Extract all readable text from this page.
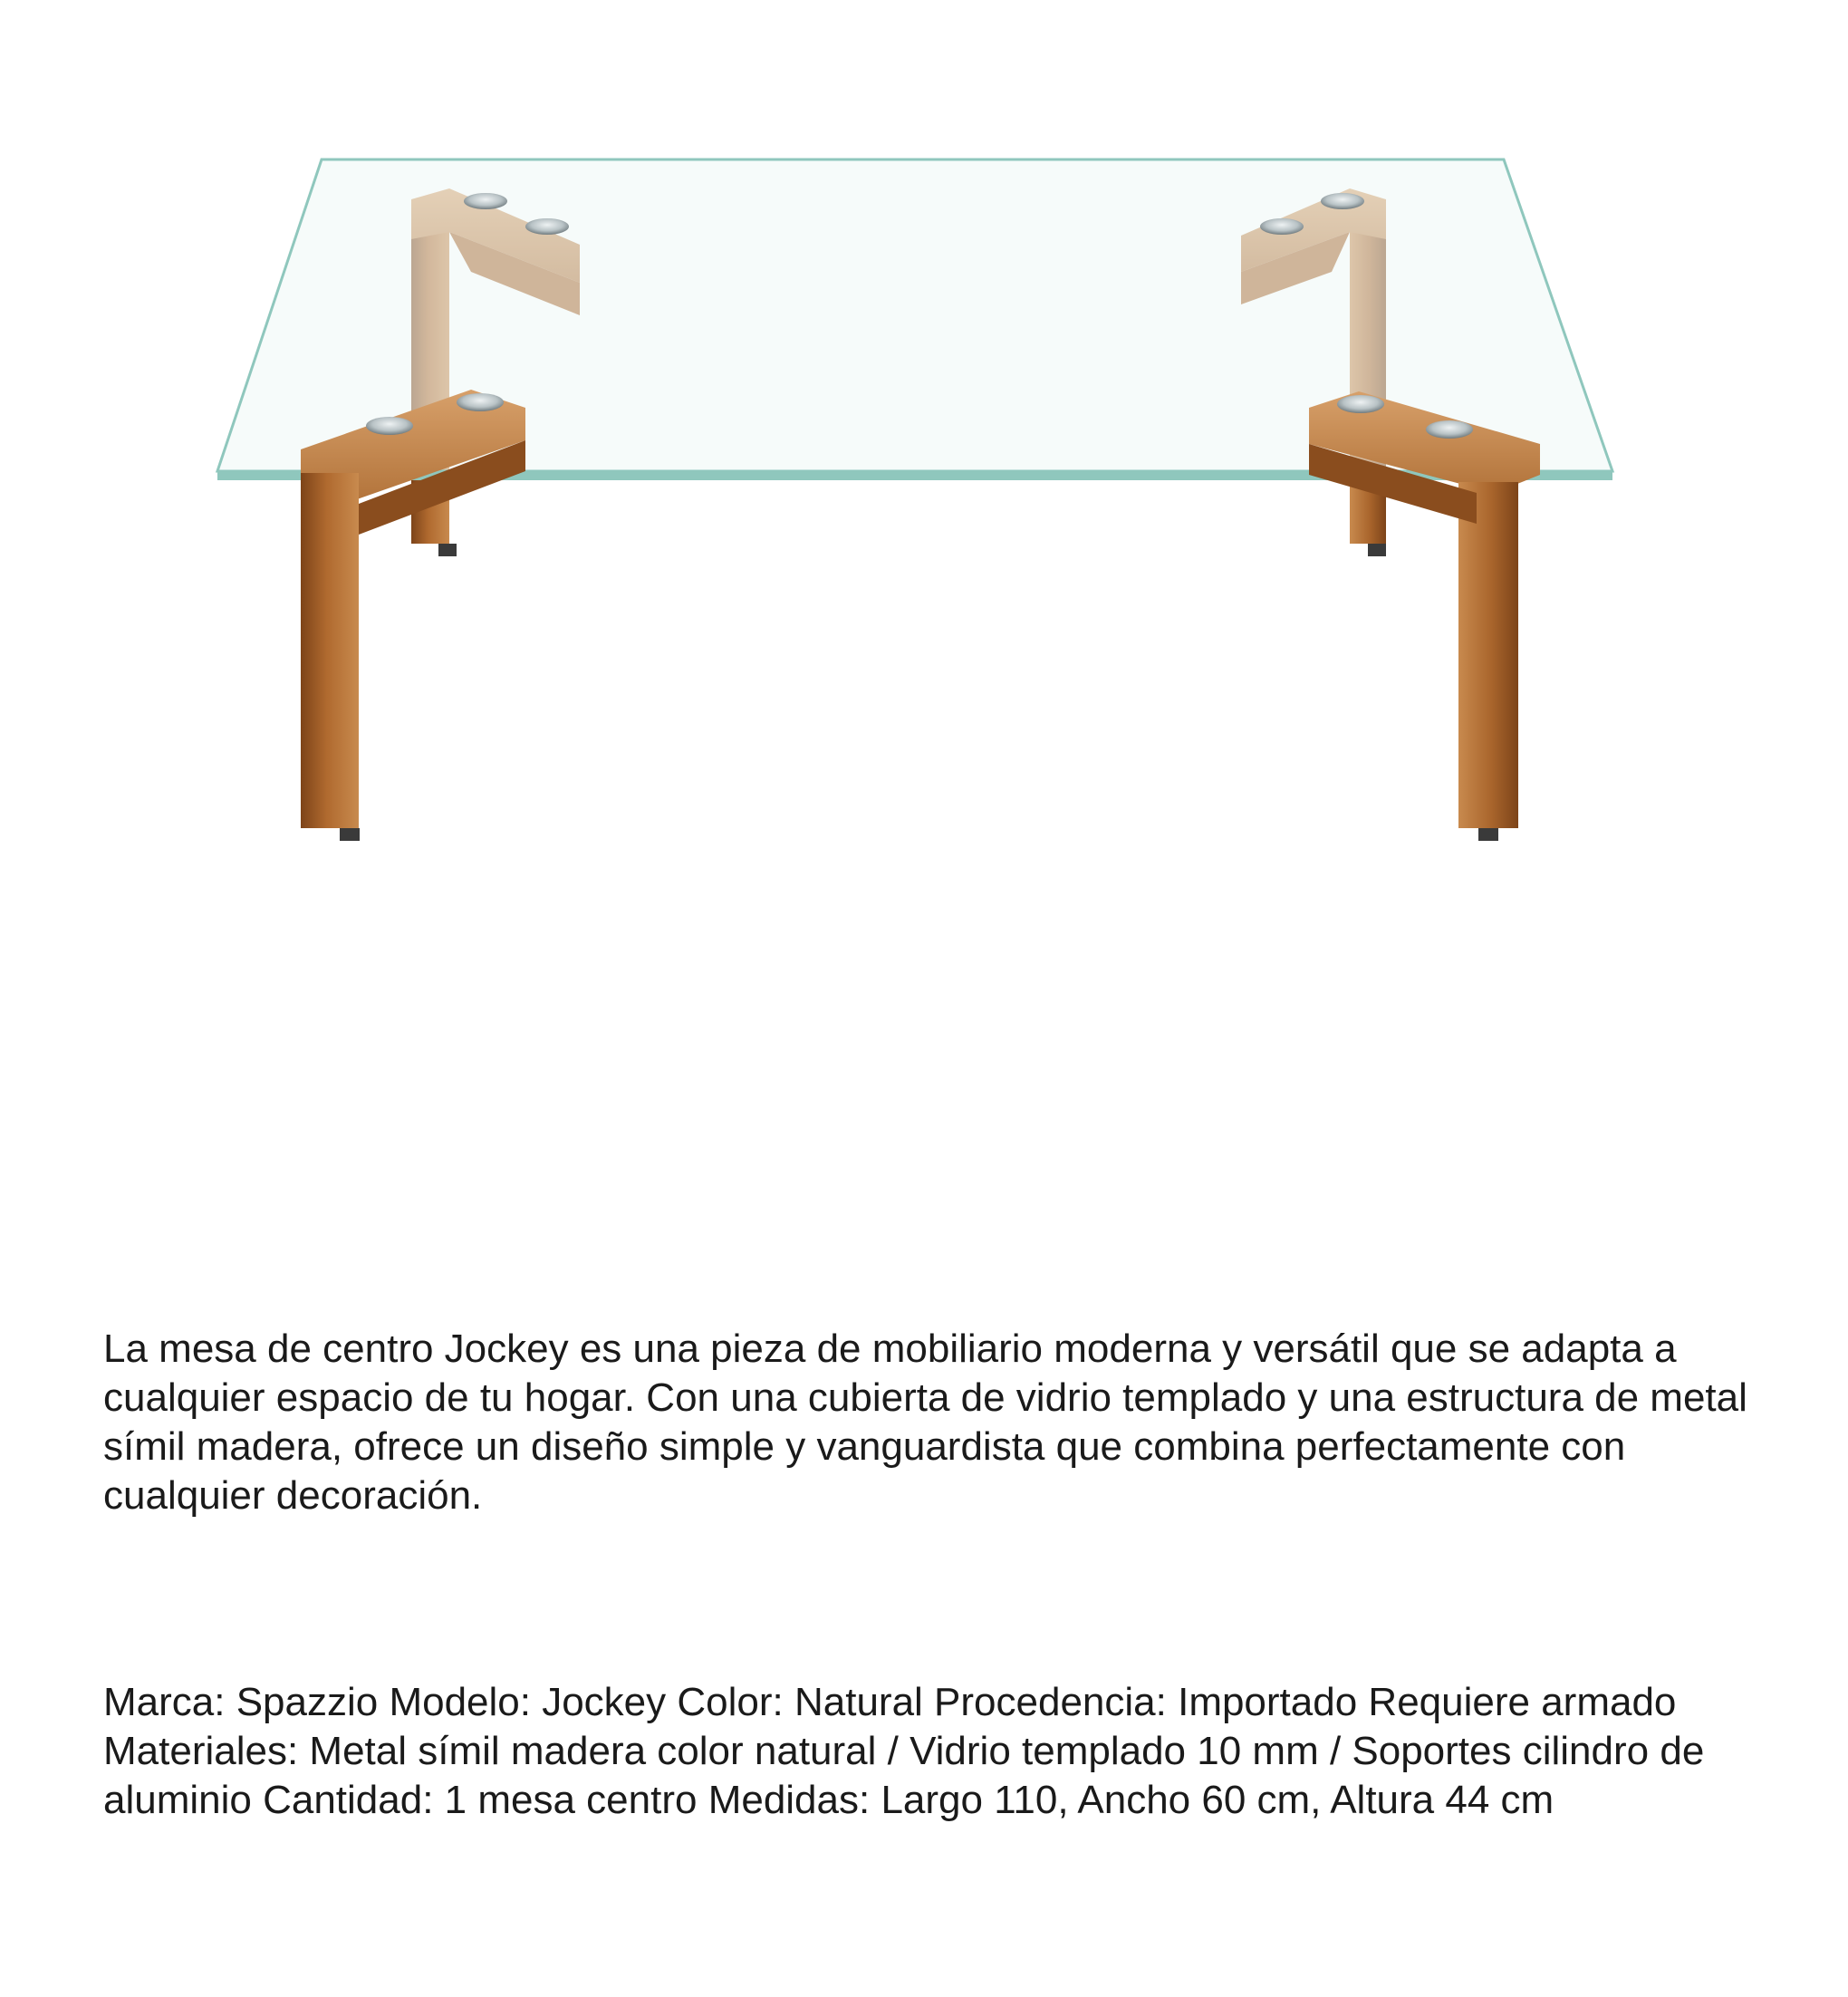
La mesa de centro Jockey es una pieza de mobiliario moderna y versátil que se adapta a cualquier espacio de tu hogar. Con una cubierta de vidrio templado y una estructura de metal símil madera, ofrece un diseño simple y vanguardista que combina perfectamente con cualquier decoración.

Marca: Spazzio Modelo: Jockey Color: Natural Procedencia: Importado Requiere armado Materiales: Metal símil madera color natural / Vidrio templado 10 mm / Soportes cilindro de aluminio Cantidad: 1 mesa centro Medidas: Largo 110, Ancho 60 cm, Altura 44 cm
